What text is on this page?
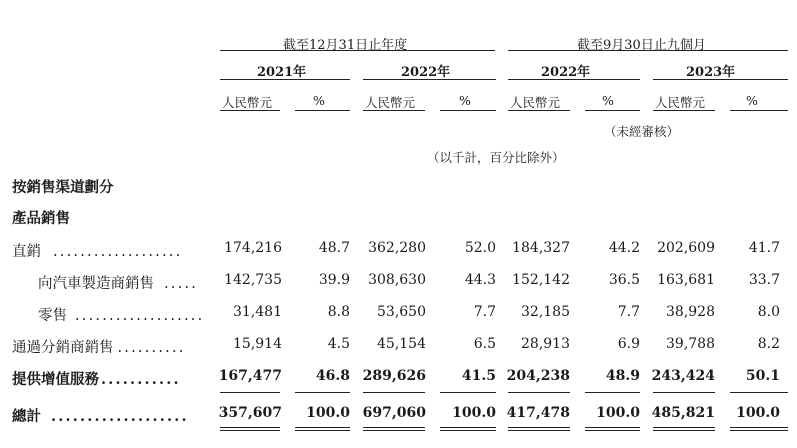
截至12月31日止年度	截至9月30日止九個月
2021年	2022年	2022年	2023年
人民幣元	%	人民幣元	%	人民幣元	%	人民幣元	%
（未經審核）
（以千計，百分比除外）
按銷售渠道劃分
產品銷售
直銷 ...................	174,216	48.7	362,280	52.0	184,327	44.2	202,609	41.7
向汽車製造商銷售 .....	142,735	39.9	308,630	44.3	152,142	36.5	163,681	33.7
零售 ...................	31,481	8.8	53,650	7.7	32,185	7.7	38,928	8.0
通過分銷商銷售 ..........	15,914	4.5	45,154	6.5	28,913	6.9	39,788	8.2
提供增值服務 ...........	167,477	46.8 289,626	41.5 204,238	48.9 243,424	50.1
總計 ...................	357,607	100.0 697,060	100.0 417,478	100.0 485,821	100.0
